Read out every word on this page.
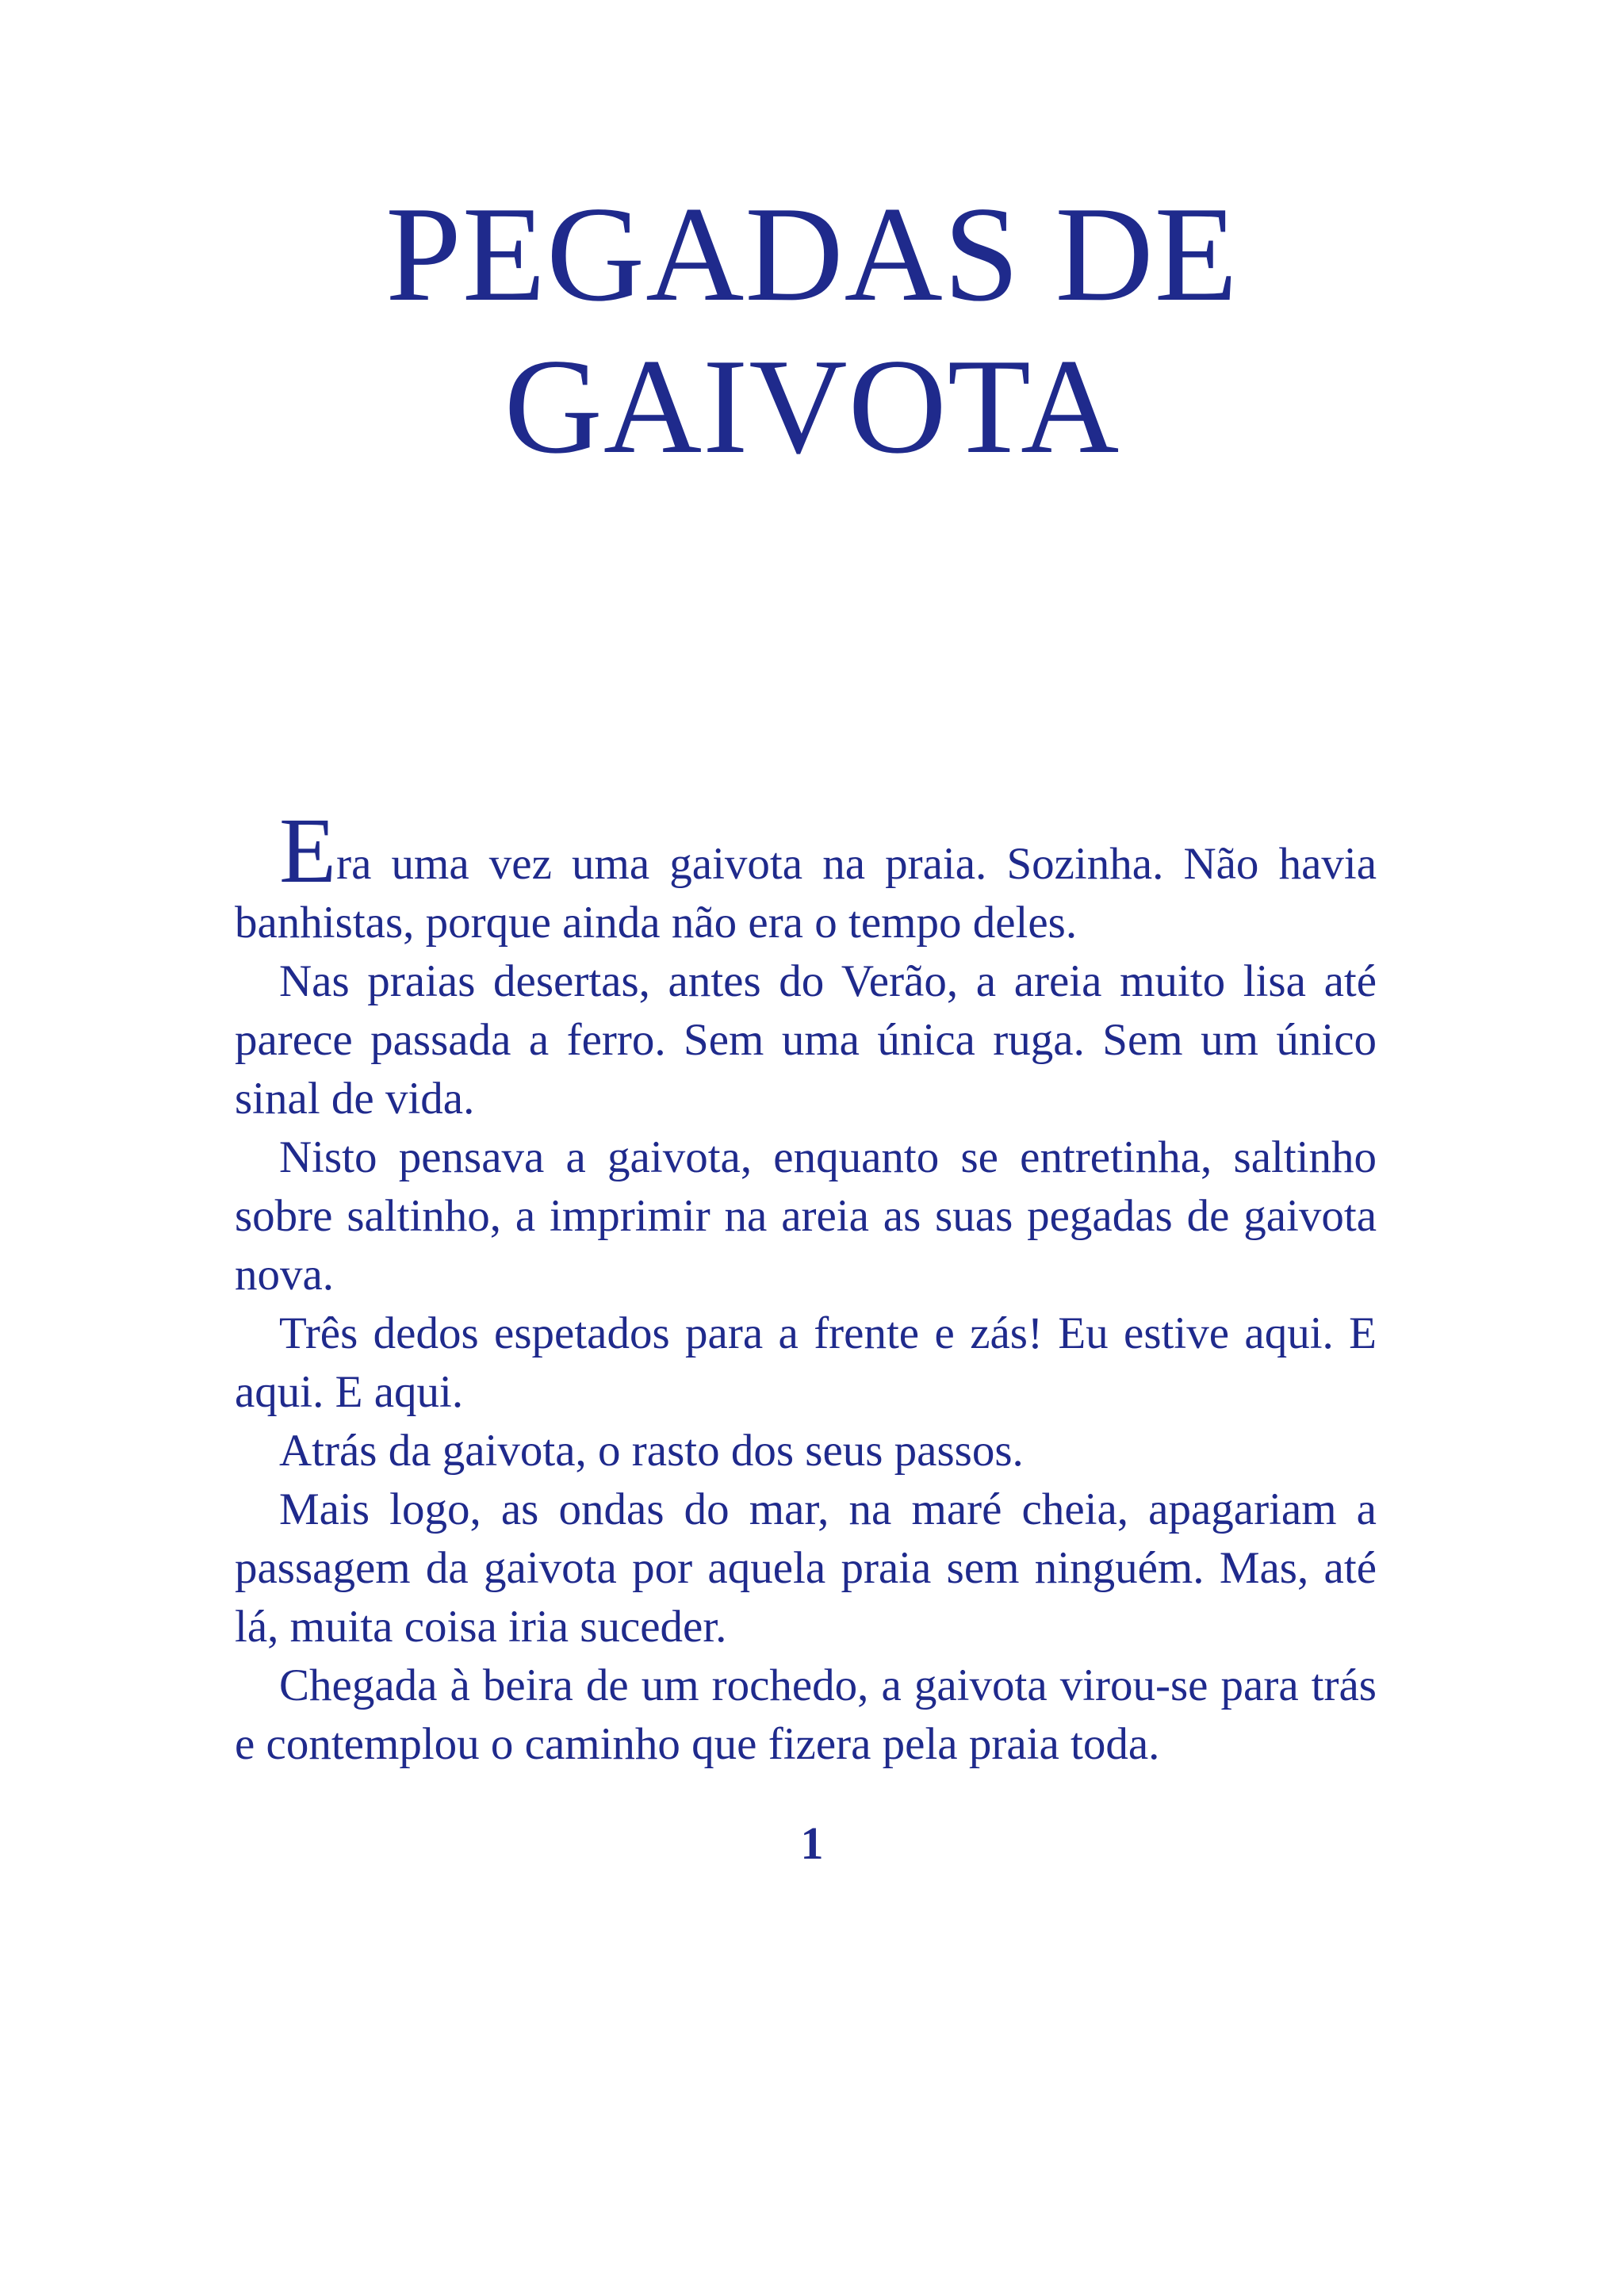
PEGADAS DE
GAIVOTA

Era uma vez uma gaivota na praia. Sozinha. Não havia banhistas, porque ainda não era o tempo deles.

Nas praias desertas, antes do Verão, a areia muito lisa até parece passada a ferro. Sem uma única ruga. Sem um único sinal de vida.

Nisto pensava a gaivota, enquanto se entretinha, saltinho sobre saltinho, a imprimir na areia as suas pegadas de gaivota nova.

Três dedos espetados para a frente e zás! Eu estive aqui. E aqui. E aqui.

Atrás da gaivota, o rasto dos seus passos.

Mais logo, as ondas do mar, na maré cheia, apagariam a passagem da gaivota por aquela praia sem ninguém. Mas, até lá, muita coisa iria suceder.

Chegada à beira de um rochedo, a gaivota virou-se para trás e contemplou o caminho que fizera pela praia toda.

1
